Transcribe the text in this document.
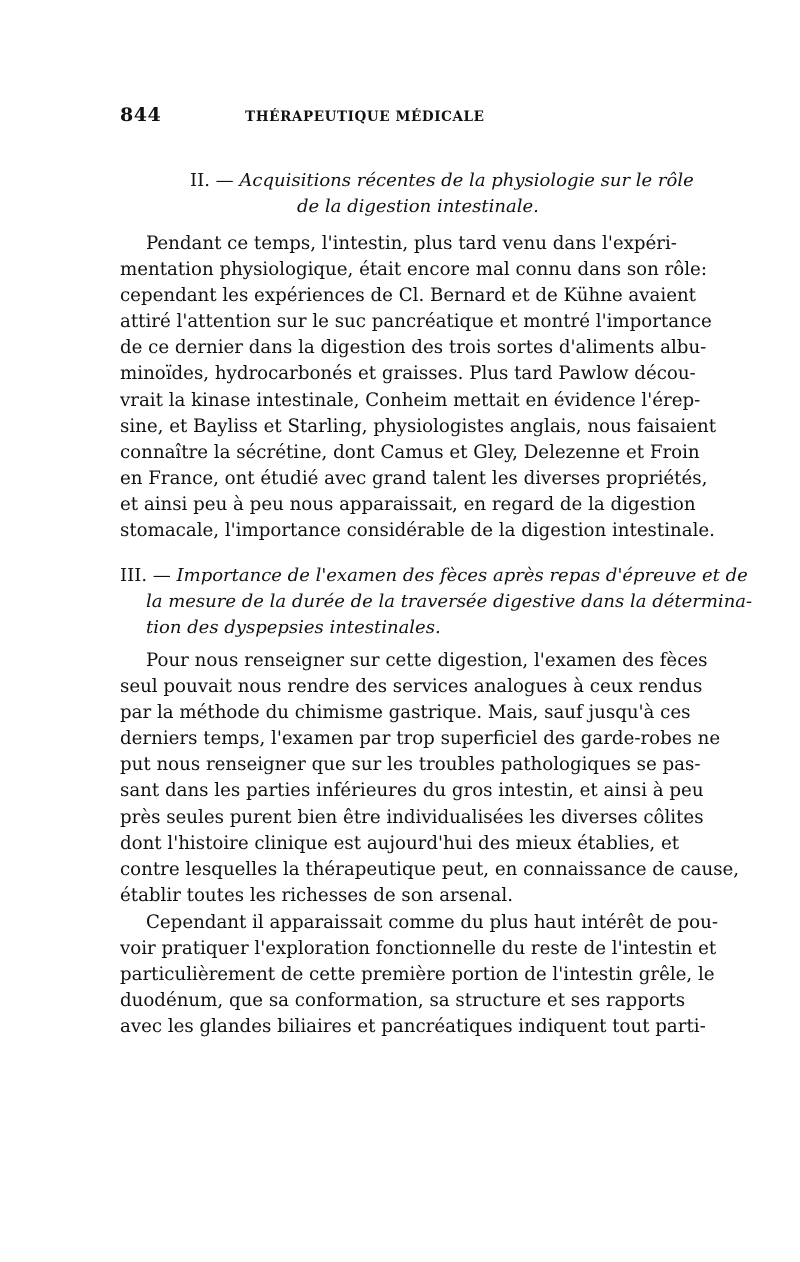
844	THÉRAPEUTIQUE MÉDICALE
II. — Acquisitions récentes de la physiologie sur le rôle
de la digestion intestinale.
Pendant ce temps, l'intestin, plus tard venu dans l'expéri-
mentation physiologique, était encore mal connu dans son rôle:
cependant les expériences de Cl. Bernard et de Kühne avaient
attiré l'attention sur le suc pancréatique et montré l'importance
de ce dernier dans la digestion des trois sortes d'aliments albu-
minoïdes, hydrocarbonés et graisses. Plus tard Pawlow décou-
vrait la kinase intestinale, Conheim mettait en évidence l'érep-
sine, et Bayliss et Starling, physiologistes anglais, nous faisaient
connaître la sécrétine, dont Camus et Gley, Delezenne et Froin
en France, ont étudié avec grand talent les diverses propriétés,
et ainsi peu à peu nous apparaissait, en regard de la digestion
stomacale, l'importance considérable de la digestion intestinale.
III. — Importance de l'examen des fèces après repas d'épreuve et de
la mesure de la durée de la traversée digestive dans la détermina-
tion des dyspepsies intestinales.
Pour nous renseigner sur cette digestion, l'examen des fèces
seul pouvait nous rendre des services analogues à ceux rendus
par la méthode du chimisme gastrique. Mais, sauf jusqu'à ces
derniers temps, l'examen par trop superficiel des garde-robes ne
put nous renseigner que sur les troubles pathologiques se pas-
sant dans les parties inférieures du gros intestin, et ainsi à peu
près seules purent bien être individualisées les diverses côlites
dont l'histoire clinique est aujourd'hui des mieux établies, et
contre lesquelles la thérapeutique peut, en connaissance de cause,
établir toutes les richesses de son arsenal.
Cependant il apparaissait comme du plus haut intérêt de pou-
voir pratiquer l'exploration fonctionnelle du reste de l'intestin et
particulièrement de cette première portion de l'intestin grêle, le
duodénum, que sa conformation, sa structure et ses rapports
avec les glandes biliaires et pancréatiques indiquent tout parti-
